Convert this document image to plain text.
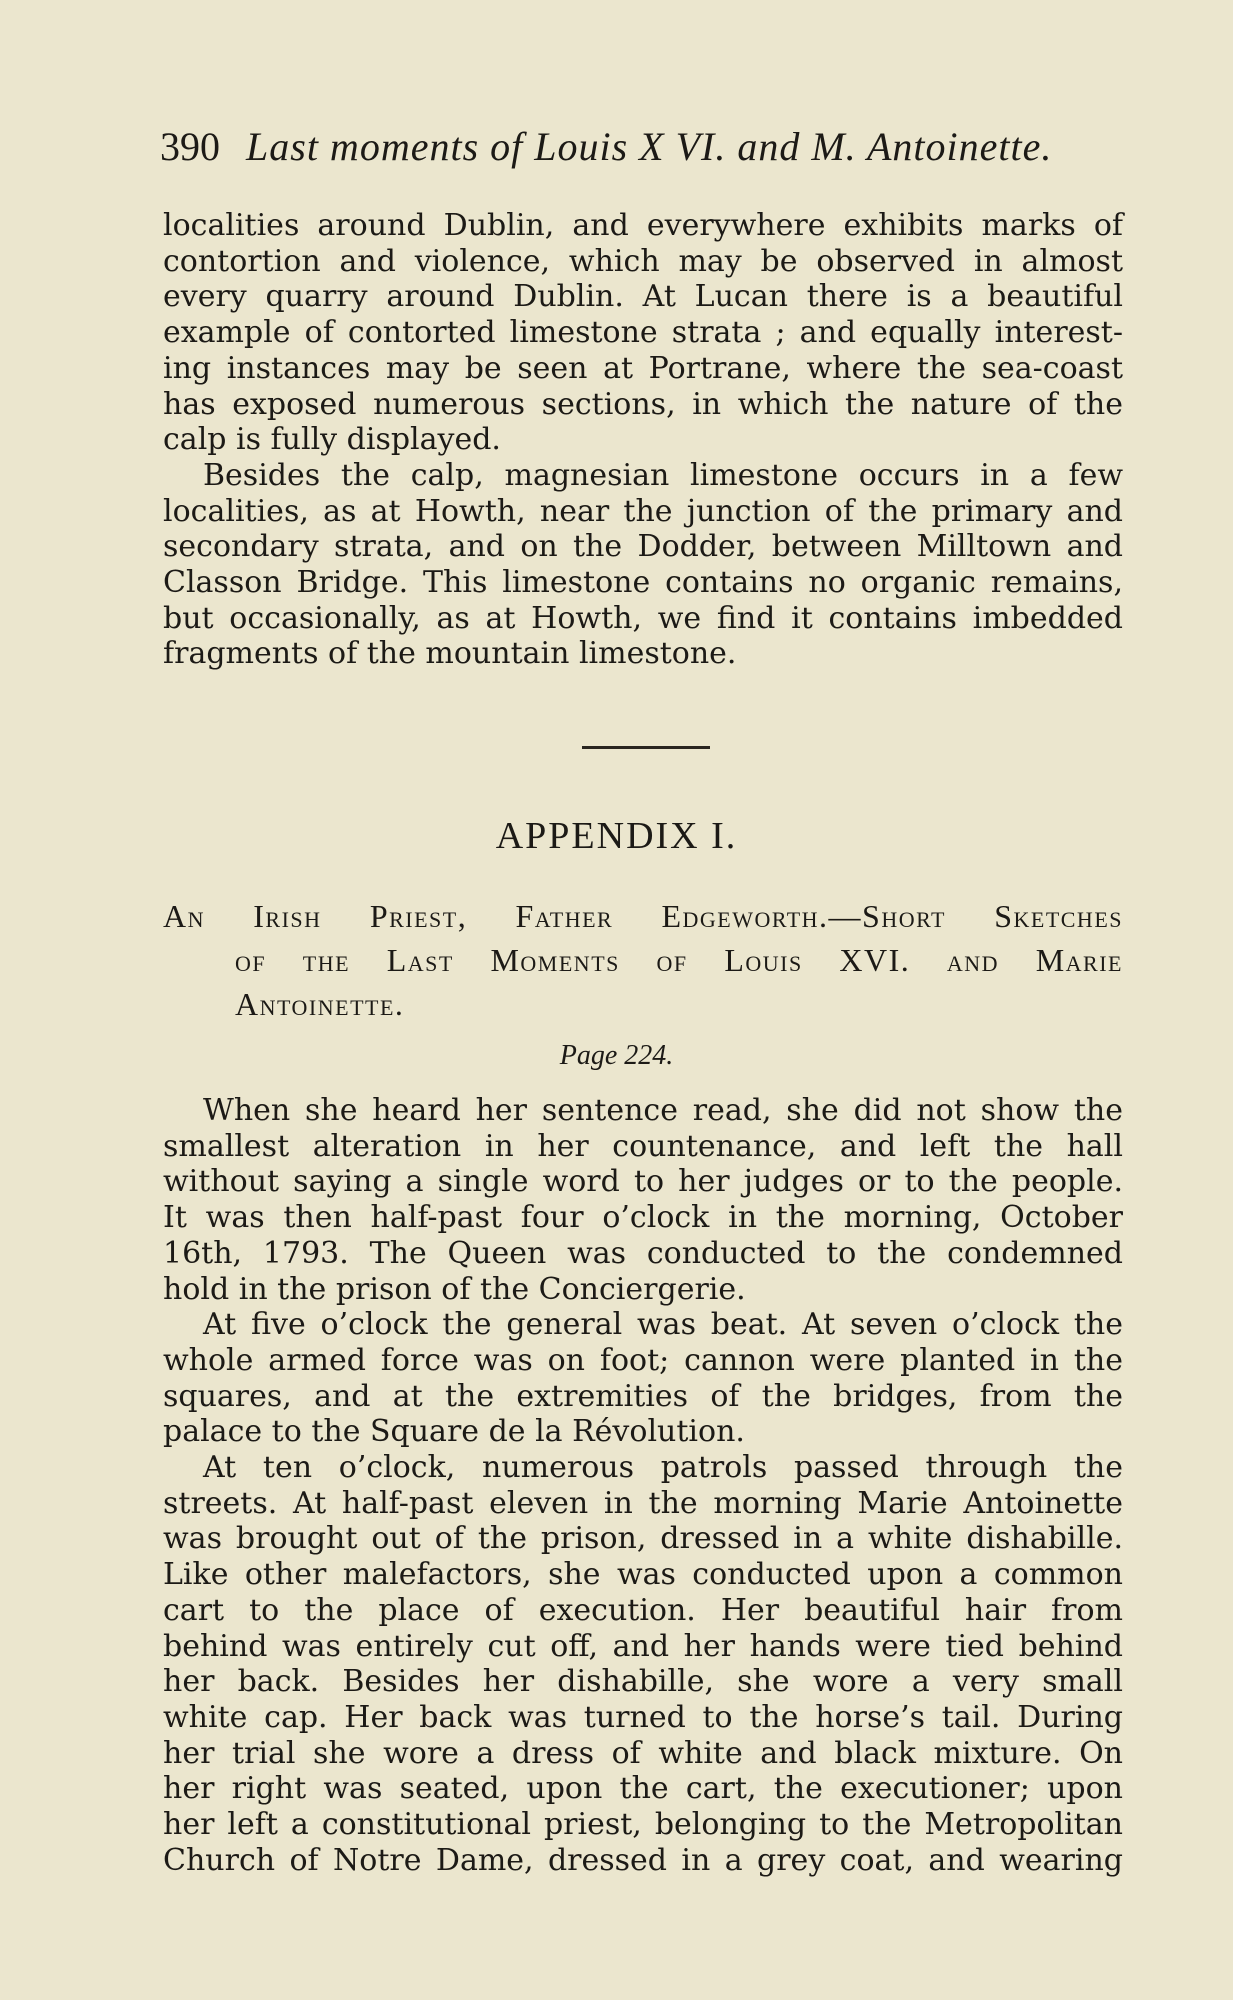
390 Last moments of Louis X VI. and M. Antoinette.
localities around Dublin, and everywhere exhibits marks of
contortion and violence, which may be observed in almost
every quarry around Dublin. At Lucan there is a beautiful
example of contorted limestone strata ; and equally interest-
ing instances may be seen at Portrane, where the sea-coast
has exposed numerous sections, in which the nature of the
calp is fully displayed.
Besides the calp, magnesian limestone occurs in a few
localities, as at Howth, near the junction of the primary and
secondary strata, and on the Dodder, between Milltown and
Classon Bridge. This limestone contains no organic remains,
but occasionally, as at Howth, we find it contains imbedded
fragments of the mountain limestone.
APPENDIX I.
An Irish Priest, Father Edgeworth.—Short Sketches
of the Last Moments of Louis XVI. and Marie
Antoinette.
Page 224.
When she heard her sentence read, she did not show the
smallest alteration in her countenance, and left the hall
without saying a single word to her judges or to the people.
It was then half-past four o’clock in the morning, October
16th, 1793. The Queen was conducted to the condemned
hold in the prison of the Conciergerie.
At five o’clock the general was beat. At seven o’clock the
whole armed force was on foot; cannon were planted in the
squares, and at the extremities of the bridges, from the
palace to the Square de la Révolution.
At ten o’clock, numerous patrols passed through the
streets. At half-past eleven in the morning Marie Antoinette
was brought out of the prison, dressed in a white dishabille.
Like other malefactors, she was conducted upon a common
cart to the place of execution. Her beautiful hair from
behind was entirely cut off, and her hands were tied behind
her back. Besides her dishabille, she wore a very small
white cap. Her back was turned to the horse’s tail. During
her trial she wore a dress of white and black mixture. On
her right was seated, upon the cart, the executioner; upon
her left a constitutional priest, belonging to the Metropolitan
Church of Notre Dame, dressed in a grey coat, and wearing
